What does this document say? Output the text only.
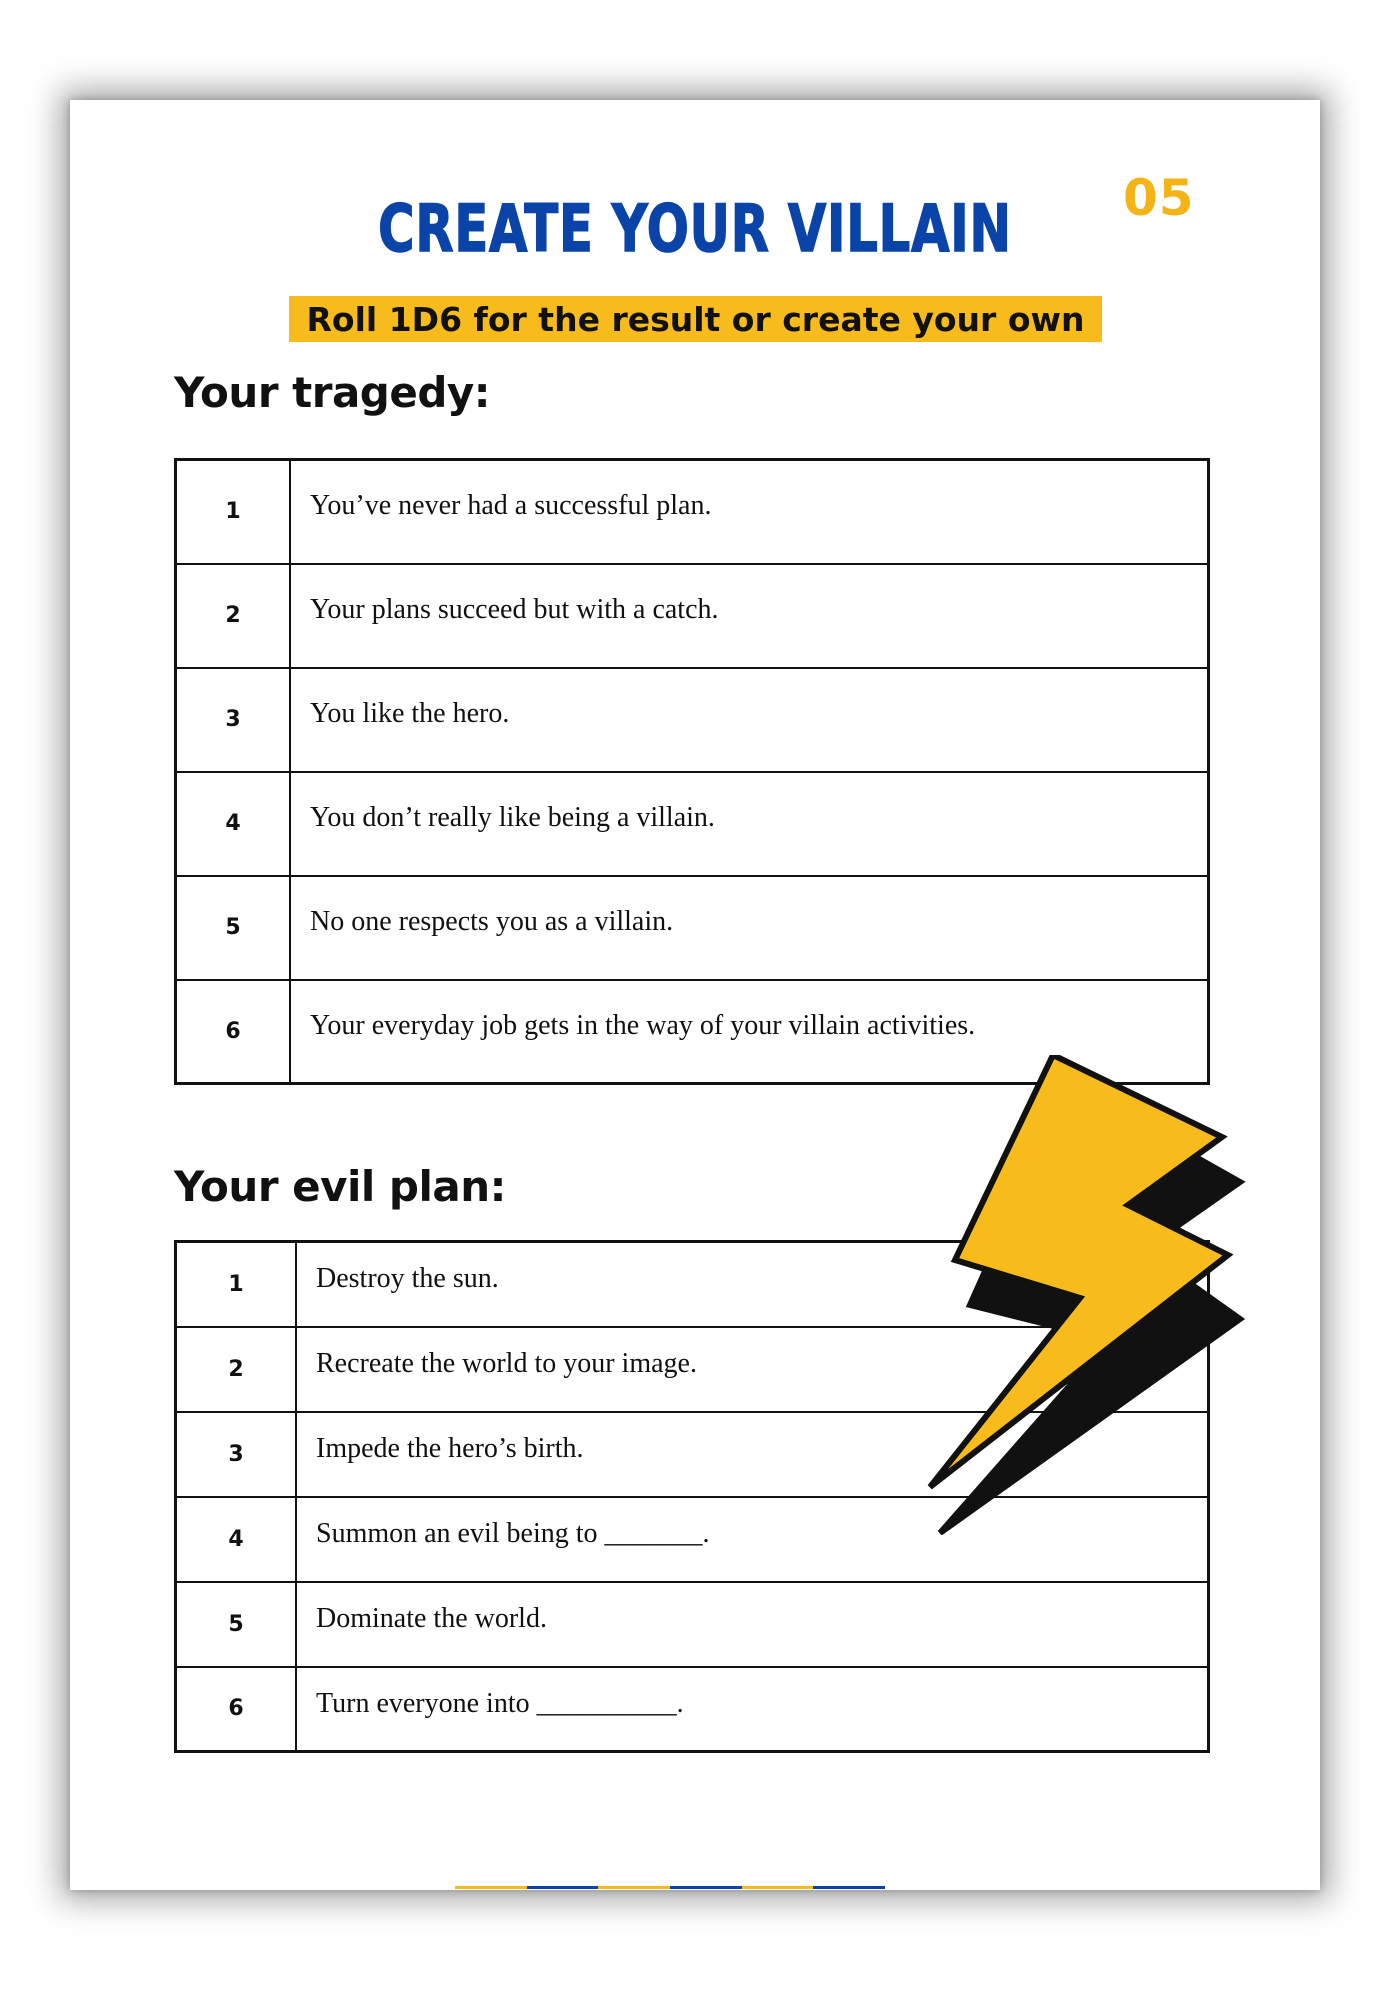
05
CREATE YOUR VILLAIN
Roll 1D6 for the result or create your own
Your tragedy:
1	You’ve never had a successful plan.
2	Your plans succeed but with a catch.
3	You like the hero.
4	You don’t really like being a villain.
5	No one respects you as a villain.
6	Your everyday job gets in the way of your villain activities.
Your evil plan:
1	Destroy the sun.
2	Recreate the world to your image.
3	Impede the hero’s birth.
4	Summon an evil being to _______.
5	Dominate the world.
6	Turn everyone into __________.
